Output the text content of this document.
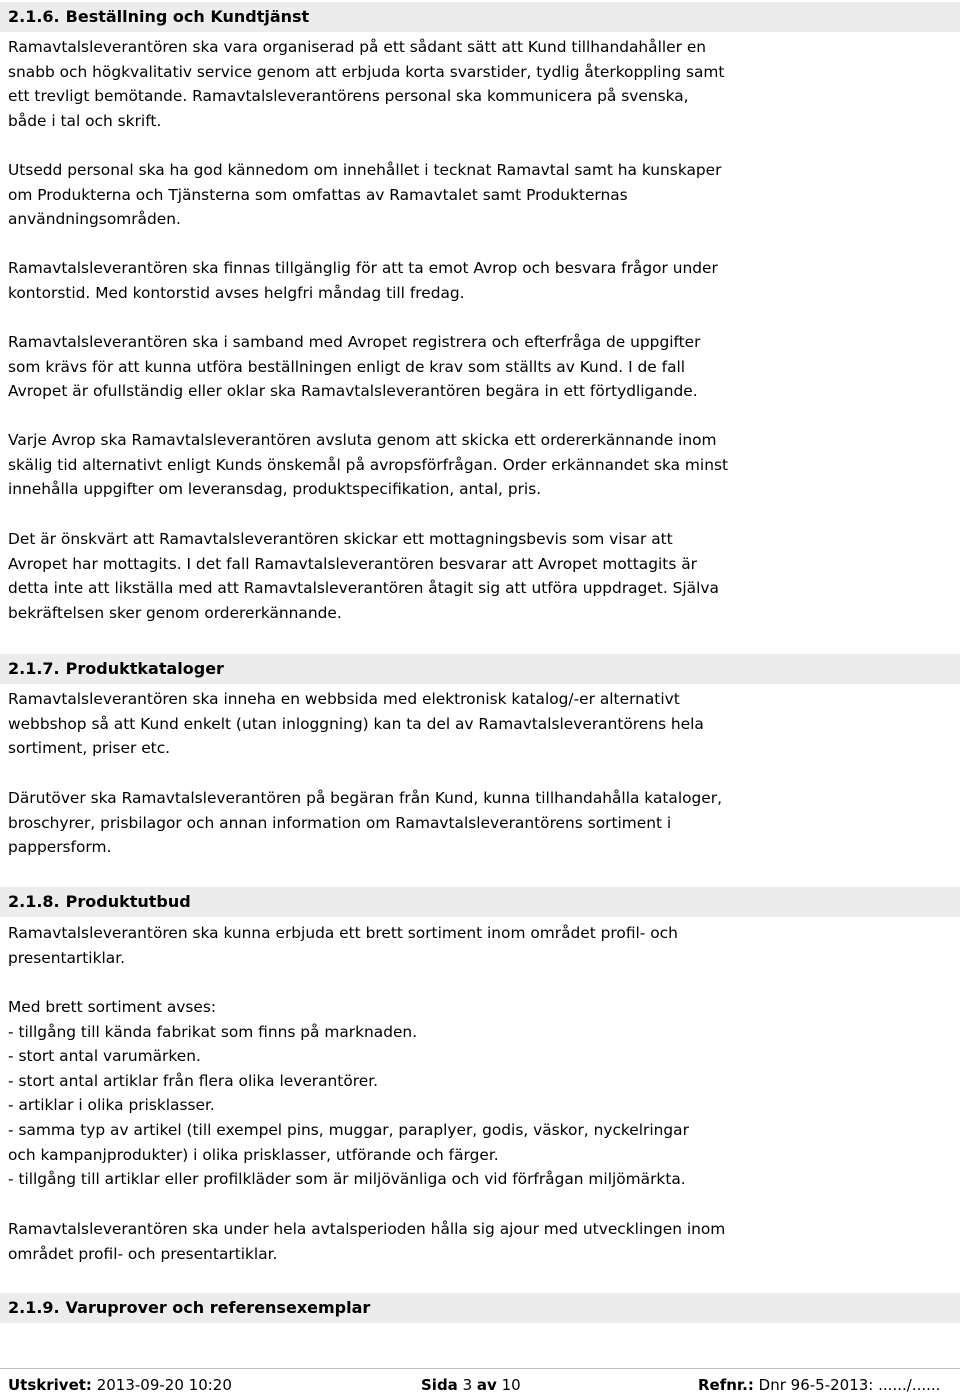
2.1.6. Beställning och Kundtjänst

Ramavtalsleverantören ska vara organiserad på ett sådant sätt att Kund tillhandahåller en
snabb och högkvalitativ service genom att erbjuda korta svarstider, tydlig återkoppling samt
ett trevligt bemötande. Ramavtalsleverantörens personal ska kommunicera på svenska,
både i tal och skrift.

Utsedd personal ska ha god kännedom om innehållet i tecknat Ramavtal samt ha kunskaper
om Produkterna och Tjänsterna som omfattas av Ramavtalet samt Produkternas
användningsområden.

Ramavtalsleverantören ska finnas tillgänglig för att ta emot Avrop och besvara frågor under
kontorstid. Med kontorstid avses helgfri måndag till fredag.

Ramavtalsleverantören ska i samband med Avropet registrera och efterfråga de uppgifter
som krävs för att kunna utföra beställningen enligt de krav som ställts av Kund. I de fall
Avropet är ofullständig eller oklar ska Ramavtalsleverantören begära in ett förtydligande.

Varje Avrop ska Ramavtalsleverantören avsluta genom att skicka ett ordererkännande inom
skälig tid alternativt enligt Kunds önskemål på avropsförfrågan. Order erkännandet ska minst
innehålla uppgifter om leveransdag, produktspecifikation, antal, pris.

Det är önskvärt att Ramavtalsleverantören skickar ett mottagningsbevis som visar att
Avropet har mottagits. I det fall Ramavtalsleverantören besvarar att Avropet mottagits är
detta inte att likställa med att Ramavtalsleverantören åtagit sig att utföra uppdraget. Själva
bekräftelsen sker genom ordererkännande.

2.1.7. Produktkataloger

Ramavtalsleverantören ska inneha en webbsida med elektronisk katalog/-er alternativt
webbshop så att Kund enkelt (utan inloggning) kan ta del av Ramavtalsleverantörens hela
sortiment, priser etc.

Därutöver ska Ramavtalsleverantören på begäran från Kund, kunna tillhandahålla kataloger,
broschyrer, prisbilagor och annan information om Ramavtalsleverantörens sortiment i
pappersform.

2.1.8. Produktutbud

Ramavtalsleverantören ska kunna erbjuda ett brett sortiment inom området profil- och
presentartiklar.

Med brett sortiment avses:
- tillgång till kända fabrikat som finns på marknaden.
- stort antal varumärken.
- stort antal artiklar från flera olika leverantörer.
- artiklar i olika prisklasser.
- samma typ av artikel (till exempel pins, muggar, paraplyer, godis, väskor, nyckelringar
och kampanjprodukter) i olika prisklasser, utförande och färger.
- tillgång till artiklar eller profilkläder som är miljövänliga och vid förfrågan miljömärkta.

Ramavtalsleverantören ska under hela avtalsperioden hålla sig ajour med utvecklingen inom
området profil- och presentartiklar.

2.1.9. Varuprover och referensexemplar
Utskrivet: 2013-09-20 10:20	Sida 3 av 10	Refnr.: Dnr 96-5-2013: ....../......
